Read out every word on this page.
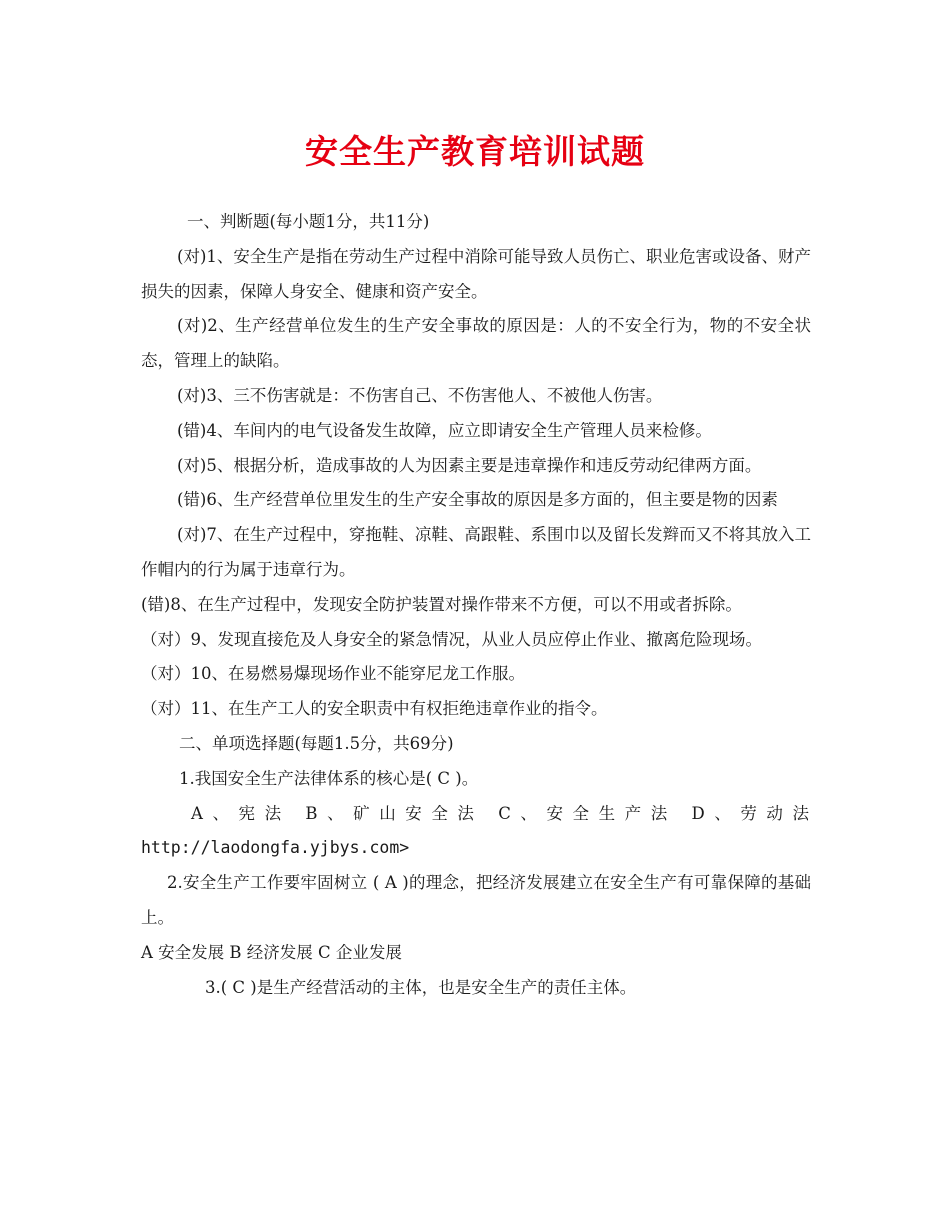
安全生产教育培训试题

一、判断题(每小题1分，共11分)

(对)1、安全生产是指在劳动生产过程中消除可能导致人员伤亡、职业危害或设备、财产损失的因素，保障人身安全、健康和资产安全。

(对)2、生产经营单位发生的生产安全事故的原因是：人的不安全行为，物的不安全状态，管理上的缺陷。

(对)3、三不伤害就是：不伤害自己、不伤害他人、不被他人伤害。

(错)4、车间内的电气设备发生故障，应立即请安全生产管理人员来检修。

(对)5、根据分析，造成事故的人为因素主要是违章操作和违反劳动纪律两方面。

(错)6、生产经营单位里发生的生产安全事故的原因是多方面的，但主要是物的因素

(对)7、在生产过程中，穿拖鞋、凉鞋、高跟鞋、系围巾以及留长发辫而又不将其放入工作帽内的行为属于违章行为。

(错)8、在生产过程中，发现安全防护装置对操作带来不方便，可以不用或者拆除。

（对）9、发现直接危及人身安全的紧急情况，从业人员应停止作业、撤离危险现场。

（对）10、在易燃易爆现场作业不能穿尼龙工作服。

（对）11、在生产工人的安全职责中有权拒绝违章作业的指令。

二、单项选择题(每题1.5分，共69分)

1.我国安全生产法律体系的核心是( C )。

A、宪法 B、矿山安全法 C、安全生产法 D、劳动法

http://laodongfa.yjbys.com>

2.安全生产工作要牢固树立 ( A )的理念，把经济发展建立在安全生产有可靠保障的基础上。

A 安全发展 B 经济发展 C 企业发展

3.( C )是生产经营活动的主体，也是安全生产的责任主体。
